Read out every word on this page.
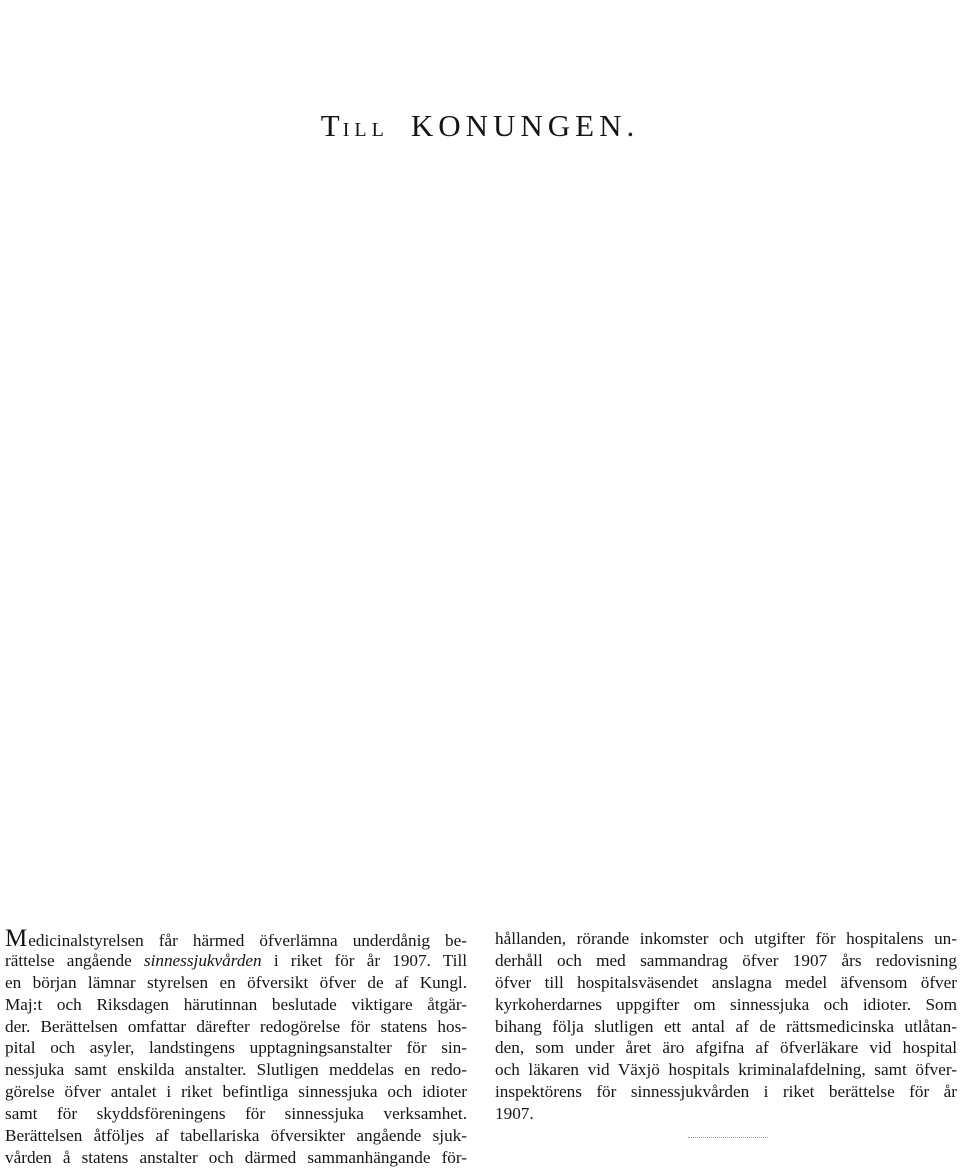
TILL KONUNGEN.
Medicinalstyrelsen får härmed öfverlämna underdånig be-
rättelse angående sinnessjukvården i riket för år 1907. Till
en början lämnar styrelsen en öfversikt öfver de af Kungl.
Maj:t och Riksdagen härutinnan beslutade viktigare åtgär-
der. Berättelsen omfattar därefter redogörelse för statens hos-
pital och asyler, landstingens upptagningsanstalter för sin-
nessjuka samt enskilda anstalter. Slutligen meddelas en redo-
görelse öfver antalet i riket befintliga sinnessjuka och idioter
samt för skyddsföreningens för sinnessjuka verksamhet.
Berättelsen åtföljes af tabellariska öfversikter angående sjuk-
vården å statens anstalter och därmed sammanhängande för-
hållanden, rörande inkomster och utgifter för hospitalens un-
derhåll och med sammandrag öfver 1907 års redovisning
öfver till hospitalsväsendet anslagna medel äfvensom öfver
kyrkoherdarnes uppgifter om sinnessjuka och idioter. Som
bihang följa slutligen ett antal af de rättsmedicinska utlåtan-
den, som under året äro afgifna af öfverläkare vid hospital
och läkaren vid Växjö hospitals kriminalafdelning, samt öfver-
inspektörens för sinnessjukvården i riket berättelse för år
1907.
